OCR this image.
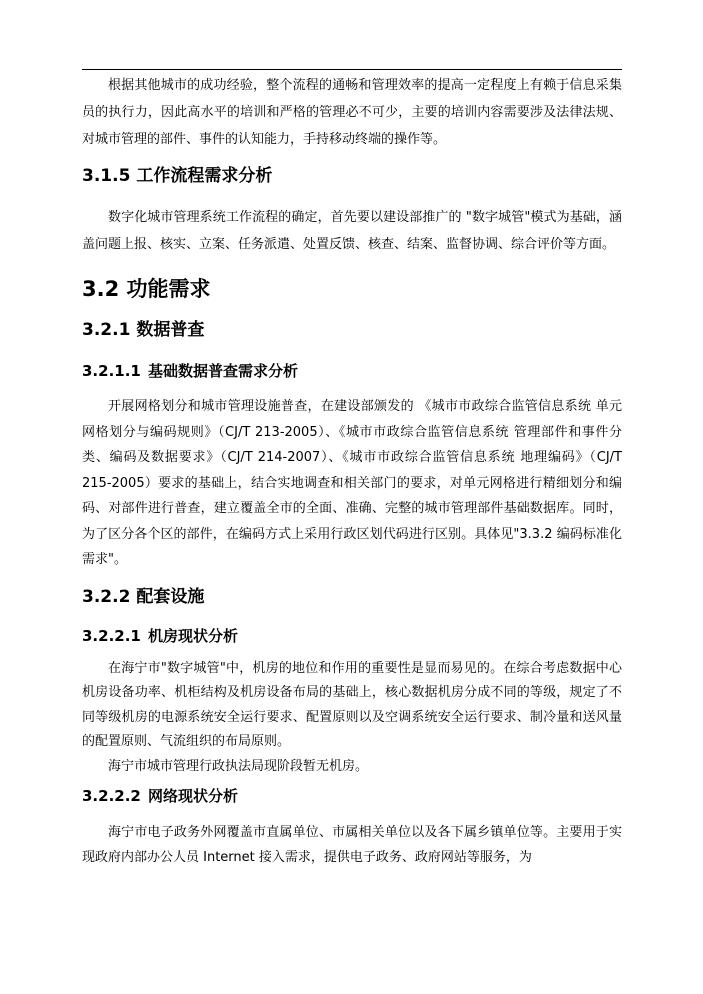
根据其他城市的成功经验，整个流程的通畅和管理效率的提高一定程度上有赖于信息采集员的执行力，因此高水平的培训和严格的管理必不可少，主要的培训内容需要涉及法律法规、对城市管理的部件、事件的认知能力，手持移动终端的操作等。

3.1.5 工作流程需求分析

数字化城市管理系统工作流程的确定，首先要以建设部推广的 "数字城管"模式为基础，涵盖问题上报、核实、立案、任务派遣、处置反馈、核查、结案、监督协调、综合评价等方面。

3.2 功能需求
3.2.1 数据普查
3.2.1.1 基础数据普查需求分析

开展网格划分和城市管理设施普查，在建设部颁发的 《城市市政综合监管信息系统 单元网格划分与编码规则》（CJ/T 213-2005）、《城市市政综合监管信息系统 管理部件和事件分类、编码及数据要求》（CJ/T 214-2007）、《城市市政综合监管信息系统 地理编码》（CJ/T 215-2005）要求的基础上，结合实地调查和相关部门的要求，对单元网格进行精细划分和编码、对部件进行普查，建立覆盖全市的全面、准确、完整的城市管理部件基础数据库。同时，为了区分各个区的部件，在编码方式上采用行政区划代码进行区别。具体见"3.3.2 编码标准化需求"。

3.2.2 配套设施
3.2.2.1 机房现状分析

在海宁市"数字城管"中，机房的地位和作用的重要性是显而易见的。在综合考虑数据中心机房设备功率、机柜结构及机房设备布局的基础上，核心数据机房分成不同的等级，规定了不同等级机房的电源系统安全运行要求、配置原则以及空调系统安全运行要求、制冷量和送风量的配置原则、气流组织的布局原则。

海宁市城市管理行政执法局现阶段暂无机房。

3.2.2.2 网络现状分析

海宁市电子政务外网覆盖市直属单位、市属相关单位以及各下属乡镇单位等。主要用于实现政府内部办公人员 Internet 接入需求，提供电子政务、政府网站等服务，为
